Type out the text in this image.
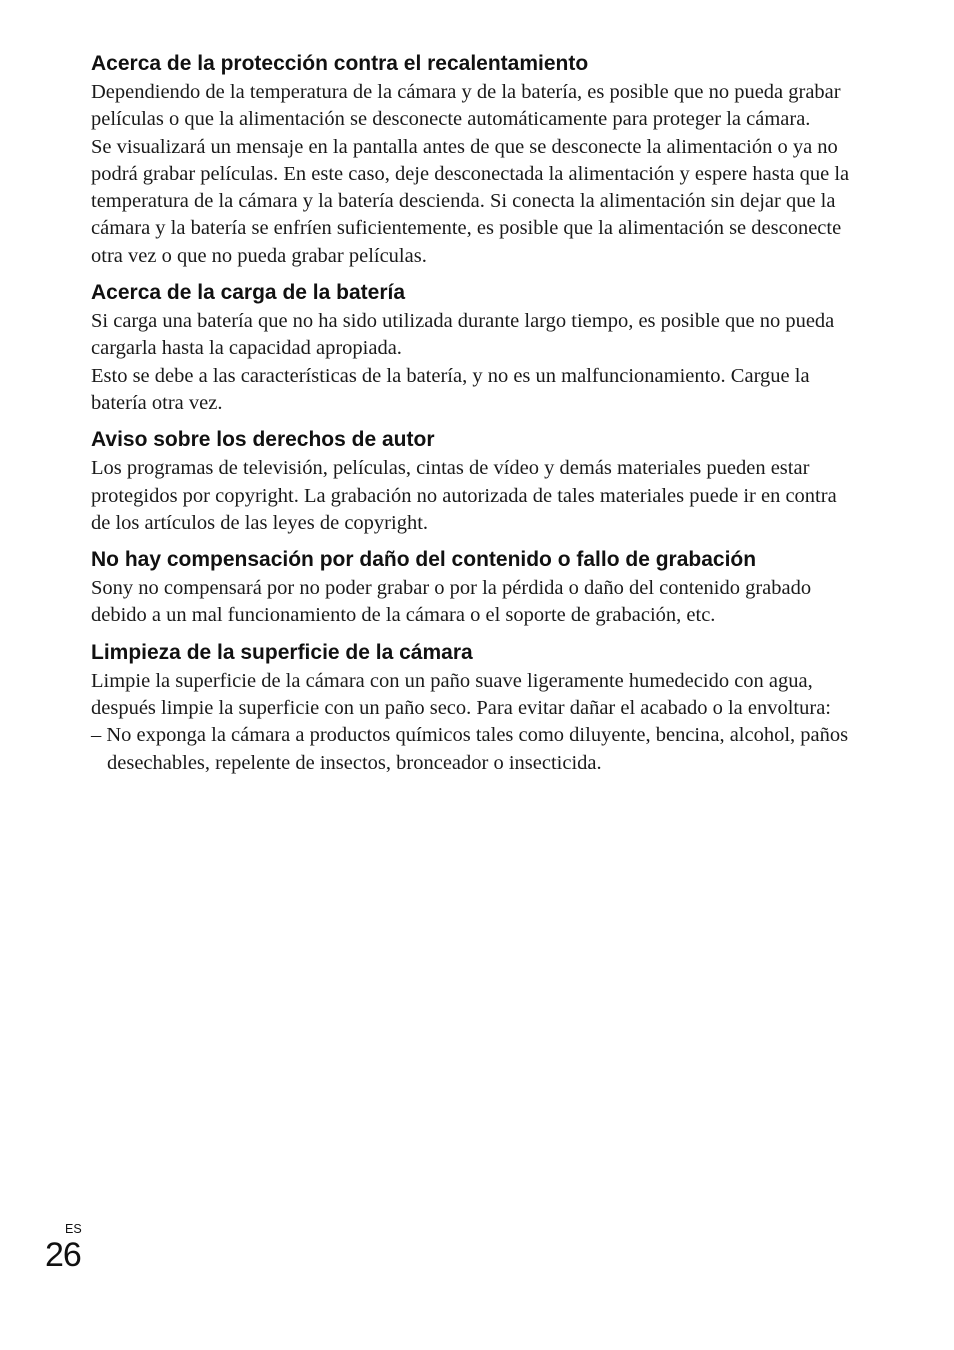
Acerca de la protección contra el recalentamiento

Dependiendo de la temperatura de la cámara y de la batería, es posible que no pueda grabar películas o que la alimentación se desconecte automáticamente para proteger la cámara.

Se visualizará un mensaje en la pantalla antes de que se desconecte la alimentación o ya no podrá grabar películas. En este caso, deje desconectada la alimentación y espere hasta que la temperatura de la cámara y la batería descienda. Si conecta la alimentación sin dejar que la cámara y la batería se enfríen suficientemente, es posible que la alimentación se desconecte otra vez o que no pueda grabar películas.

Acerca de la carga de la batería

Si carga una batería que no ha sido utilizada durante largo tiempo, es posible que no pueda cargarla hasta la capacidad apropiada.

Esto se debe a las características de la batería, y no es un malfuncionamiento. Cargue la batería otra vez.

Aviso sobre los derechos de autor

Los programas de televisión, películas, cintas de vídeo y demás materiales pueden estar protegidos por copyright. La grabación no autorizada de tales materiales puede ir en contra de los artículos de las leyes de copyright.

No hay compensación por daño del contenido o fallo de grabación

Sony no compensará por no poder grabar o por la pérdida o daño del contenido grabado debido a un mal funcionamiento de la cámara o el soporte de grabación, etc.

Limpieza de la superficie de la cámara

Limpie la superficie de la cámara con un paño suave ligeramente humedecido con agua, después limpie la superficie con un paño seco. Para evitar dañar el acabado o la envoltura:

– No exponga la cámara a productos químicos tales como diluyente, bencina, alcohol, paños desechables, repelente de insectos, bronceador o insecticida.

ES
26
